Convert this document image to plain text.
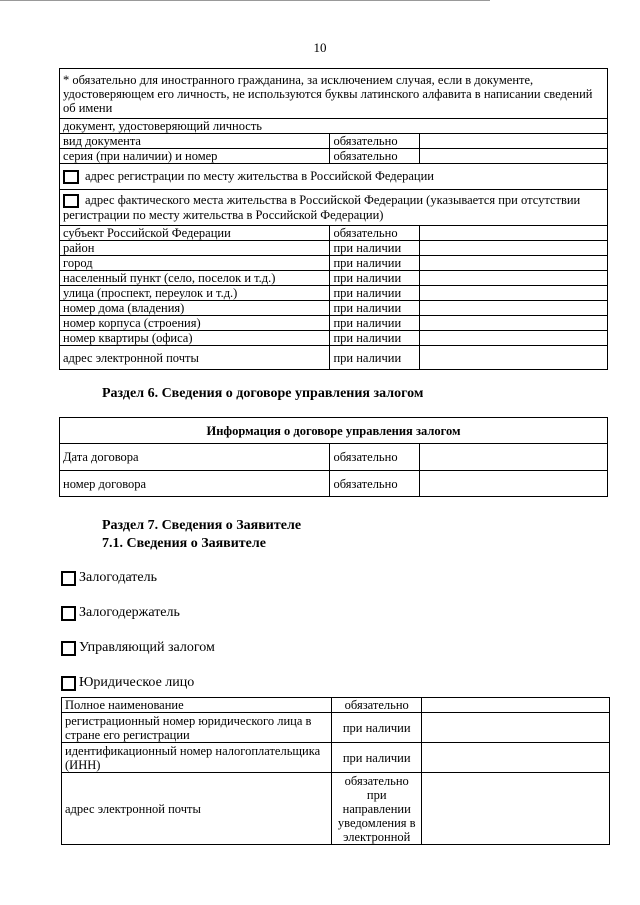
10
* обязательно для иностранного гражданина, за исключением случая, если в документе, удостоверяющем его личность, не используются буквы латинского алфавита в написании сведений об имени		
документ, удостоверяющий личность		
вид документа	обязательно	
серия (при наличии) и номер	обязательно	
адрес регистрации по месту жительства в Российской Федерации		
адрес фактического места жительства в Российской Федерации (указывается при отсутствии регистрации по месту жительства в Российской Федерации)		
субъект Российской Федерации	обязательно	
район	при наличии	
город	при наличии	
населенный пункт (село, поселок и т.д.)	при наличии	
улица (проспект, переулок и т.д.)	при наличии	
номер дома (владения)	при наличии	
номер корпуса (строения)	при наличии	
номер квартиры (офиса)	при наличии	
адрес электронной почты	при наличии	
Раздел 6. Сведения о договоре управления залогом
Информация о договоре управления залогом		
Дата договора	обязательно	
номер договора	обязательно	
Раздел 7. Сведения о Заявителе
7.1. Сведения о Заявителе
Залогодатель
Залогодержатель
Управляющий залогом
Юридическое лицо
Полное наименование	обязательно	
регистрационный номер юридического лица в стране его регистрации	при наличии	
идентификационный номер налогоплательщика (ИНН)	при наличии	
адрес электронной почты	обязательно при направлении уведомления в электронной	
